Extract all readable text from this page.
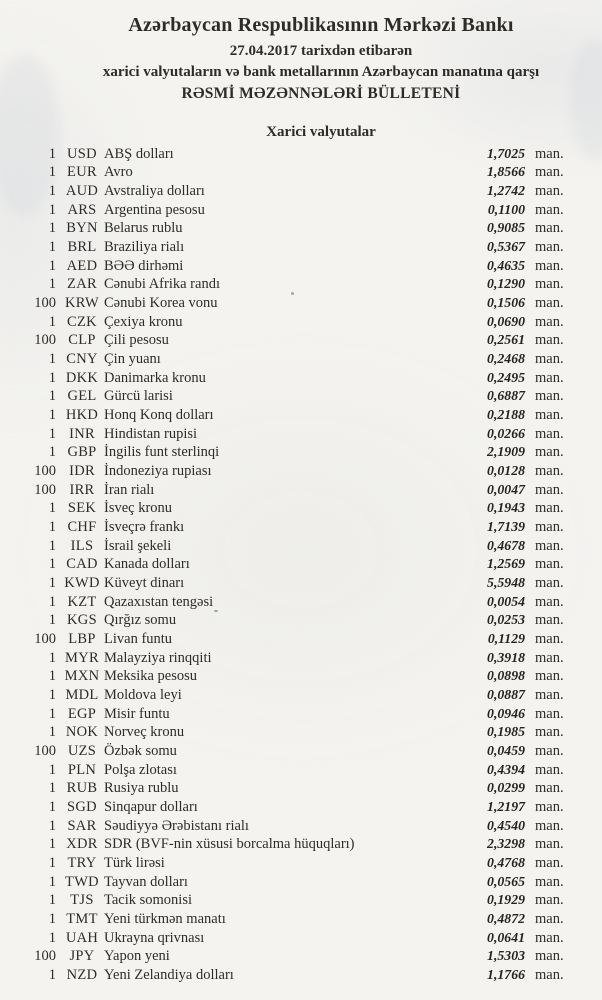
Azərbaycan Respublikasının Mərkəzi Bankı
27.04.2017 tarixdən etibarən
xarici valyutaların və bank metallarının Azərbaycan manatına qarşı
RƏSMİ MƏZƏNNƏLƏRİ BÜLLETENİ
Xarici valyutalar
1 USD ABŞ dolları	1,7025 man.
1 EUR Avro	1,8566 man.
1 AUD Avstraliya dolları	1,2742 man.
1 ARS Argentina pesosu	0,1100 man.
1 BYN Belarus rublu	0,9085 man.
1 BRL Braziliya rialı	0,5367 man.
1 AED BƏƏ dirhəmi	0,4635 man.
1 ZAR Cənubi Afrika randı	0,1290 man.
100 KRW Cənubi Korea vonu	0,1506 man.
1 CZK Çexiya kronu	0,0690 man.
100 CLP Çili pesosu	0,2561 man.
1 CNY Çin yuanı	0,2468 man.
1 DKK Danimarka kronu	0,2495 man.
1 GEL Gürcü larisi	0,6887 man.
1 HKD Honq Konq dolları	0,2188 man.
1 INR Hindistan rupisi	0,0266 man.
1 GBP İngilis funt sterlinqi	2,1909 man.
100 IDR İndoneziya rupiası	0,0128 man.
100 IRR İran rialı	0,0047 man.
1 SEK İsveç kronu	0,1943 man.
1 CHF İsveçrə frankı	1,7139 man.
1	ILS İsrail şekeli	0,4678 man.
1 CAD Kanada dolları	1,2569 man.
1 KWD Küveyt dinarı	5,5948 man.
1 KZT Qazaxıstan tengəsi	0,0054 man.
1 KGS Qırğız somu	0,0253 man.
100 LBP Livan funtu	0,1129 man.
1 MYR Malayziya rinqqiti	0,3918 man.
1 MXN Meksika pesosu	0,0898 man.
1 MDL Moldova leyi	0,0887 man.
1 EGP Misir funtu	0,0946 man.
1 NOK Norveç kronu	0,1985 man.
100 UZS Özbək somu	0,0459 man.
1 PLN Polşa zlotası	0,4394 man.
1 RUB Rusiya rublu	0,0299 man.
1 SGD Sinqapur dolları	1,2197 man.
1 SAR Səudiyyə Ərəbistanı rialı	0,4540 man.
1 XDR SDR (BVF-nin xüsusi borcalma hüquqları)	2,3298 man.
1 TRY Türk lirəsi	0,4768 man.
1 TWD Tayvan dolları	0,0565 man.
1 TJS Tacik somonisi	0,1929 man.
1 TMT Yeni türkmən manatı	0,4872 man.
1 UAH Ukrayna qrivnası	0,0641 man.
100 JPY Yapon yeni	1,5303 man.
1 NZD Yeni Zelandiya dolları	1,1766 man.
